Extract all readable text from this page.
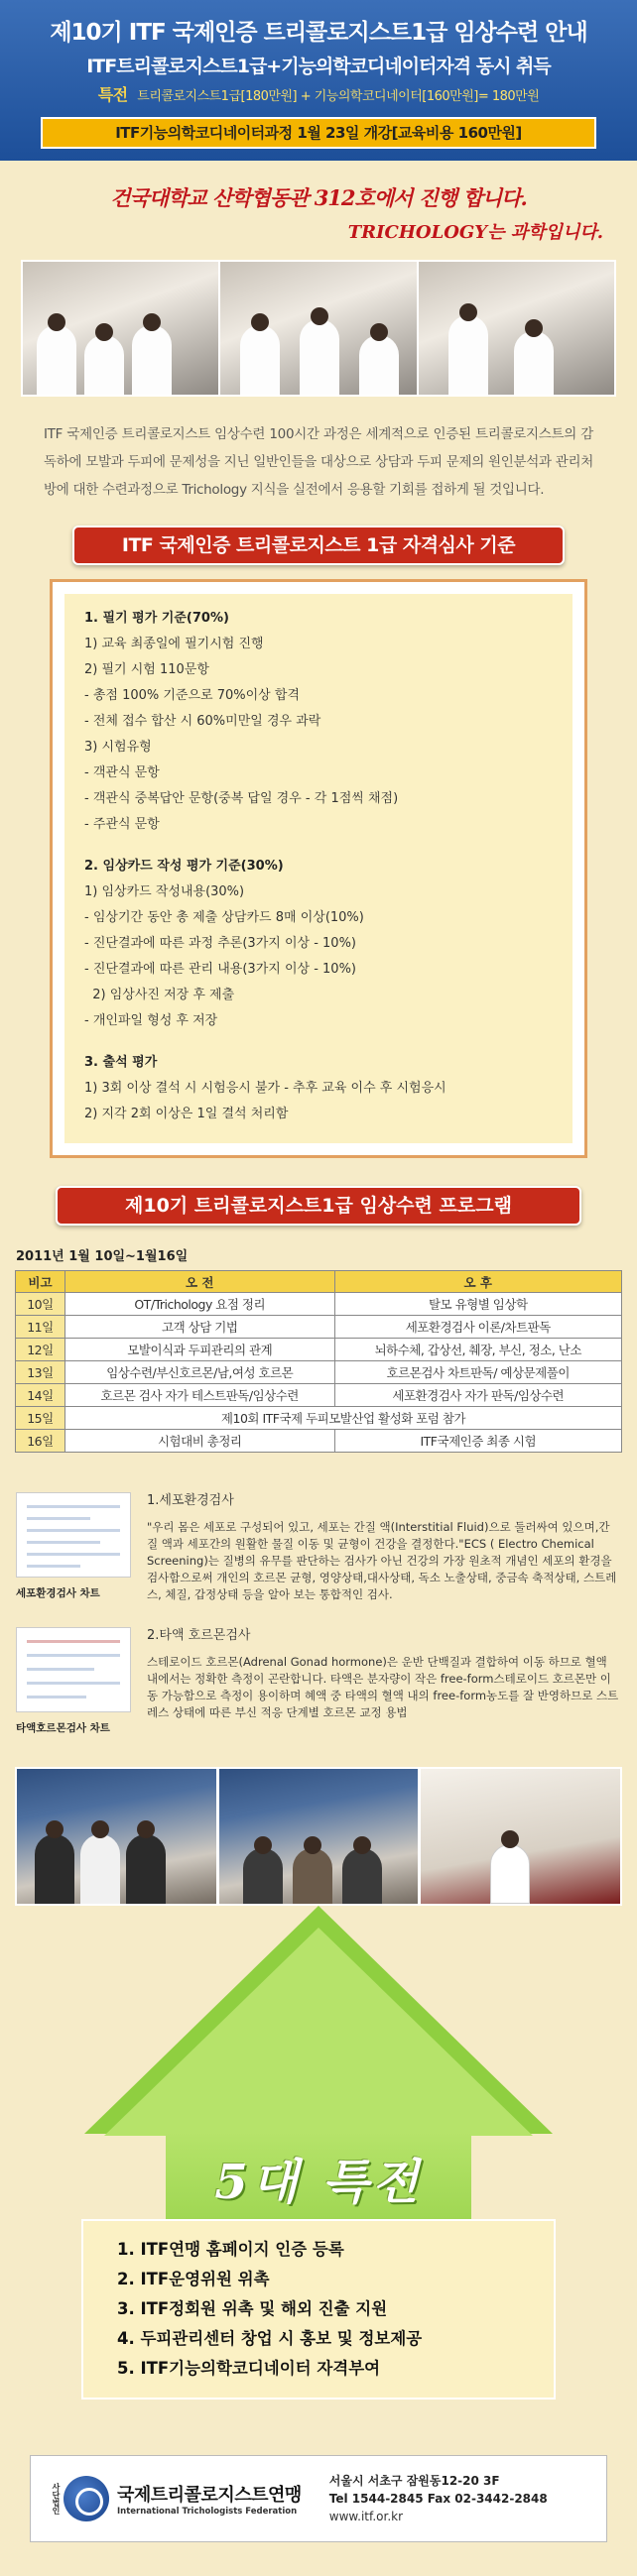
제10기 ITF 국제인증 트리콜로지스트1급 임상수련 안내
ITF트리콜로지스트1급+기능의학코디네이터자격 동시 취득
특전 트리콜로지스트1급[180만원] + 기능의학코디네이터[160만원]= 180만원
ITF기능의학코디네이터과정 1월 23일 개강[교육비용 160만원]
건국대학교 산학협동관 312호에서 진행 합니다.
TRICHOLOGY는 과학입니다.

ITF 국제인증 트리콜로지스트 임상수련 100시간 과정은 세계적으로 인증된 트리콜로지스트의 감독하에 모발과 두피에 문제성을 지닌 일반인들을 대상으로 상담과 두피 문제의 원인분석과 관리처방에 대한 수련과정으로 Trichology 지식을 실전에서 응용할 기회를 접하게 될 것입니다.

ITF 국제인증 트리콜로지스트 1급 자격심사 기준
1. 필기 평가 기준(70%)
1) 교육 최종일에 필기시험 진행
2) 필기 시험 110문항
- 총점 100% 기준으로 70%이상 합격
- 전체 접수 합산 시 60%미만일 경우 과락
3) 시험유형
- 객관식 문항
- 객관식 중복답안 문항(중복 답일 경우 - 각 1점씩 채점)
- 주관식 문항
2. 임상카드 작성 평가 기준(30%)
1) 임상카드 작성내용(30%)
- 임상기간 동안 총 제출 상담카드 8매 이상(10%)
- 진단결과에 따른 과정 추론(3가지 이상 - 10%)
- 진단결과에 따른 관리 내용(3가지 이상 - 10%)
2) 임상사진 저장 후 제출
- 개인파일 형성 후 저장
3. 출석 평가
1) 3회 이상 결석 시 시험응시 불가 - 추후 교육 이수 후 시험응시
2) 지각 2회 이상은 1일 결석 처리함
제10기 트리콜로지스트1급 임상수련 프로그램
2011년 1월 10일~1월16일
비고	오 전	오 후
10일	OT/Trichology 요점 정리	탈모 유형별 임상학
11일	고객 상담 기법	세포환경검사 이론/차트판독
12일	모발이식과 두피관리의 관계	뇌하수체, 갑상선, 췌장, 부신, 정소, 난소
13일	임상수련/부신호르몬/남,여성 호르몬	호르몬검사 차트판독/ 예상문제풀이
14일	호르몬 검사 자가 테스트판독/임상수련	세포환경검사 자가 판독/임상수련
15일	제10회 ITF국제 두피모발산업 활성화 포럼 참가	
16일	시험대비 총정리	ITF국제인증 최종 시험
세포환경검사 차트
1.세포환경검사
"우리 몸은 세포로 구성되어 있고, 세포는 간질 액(Interstitial Fluid)으로 둘러싸여 있으며,간질 액과 세포간의 원활한 물질 이동 및 균형이 건강을 결정한다."ECS ( Electro Chemical Screening)는 질병의 유무를 판단하는 검사가 아닌 건강의 가장 원초적 개념인 세포의 환경을 검사함으로써 개인의 호르몬 균형, 영양상태,대사상태, 독소 노출상태, 중금속 축적상태, 스트레스, 체질, 갑정상태 등을 알아 보는 통합적인 검사.
타액호르몬검사 차트
2.타액 호르몬검사
스테로이드 호르몬(Adrenal Gonad hormone)은 운반 단백질과 결합하여 이동 하므로 혈액 내에서는 정확한 측정이 곤란합니다. 타액은 분자량이 작은 free-form스테로이드 호르몬만 이동 가능함으로 측정이 용이하며 혜액 중 타액의 혈액 내의 free-form농도를 잘 반영하므로 스트레스 상태에 따른 부신 적응 단계별 호르몬 교정 용법
5대 특전
1. ITF연맹 홈페이지 인증 등록
2. ITF운영위원 위촉
3. ITF정회원 위촉 및 해외 진출 지원
4. 두피관리센터 창업 시 홍보 및 정보제공
5. ITF기능의학코디네이터 자격부여
사단법인	국제트리콜로지스트연맹
International Trichologists Federation
서울시 서초구 잠원동12-20 3F
Tel 1544-2845 Fax 02-3442-2848
www.itf.or.kr
